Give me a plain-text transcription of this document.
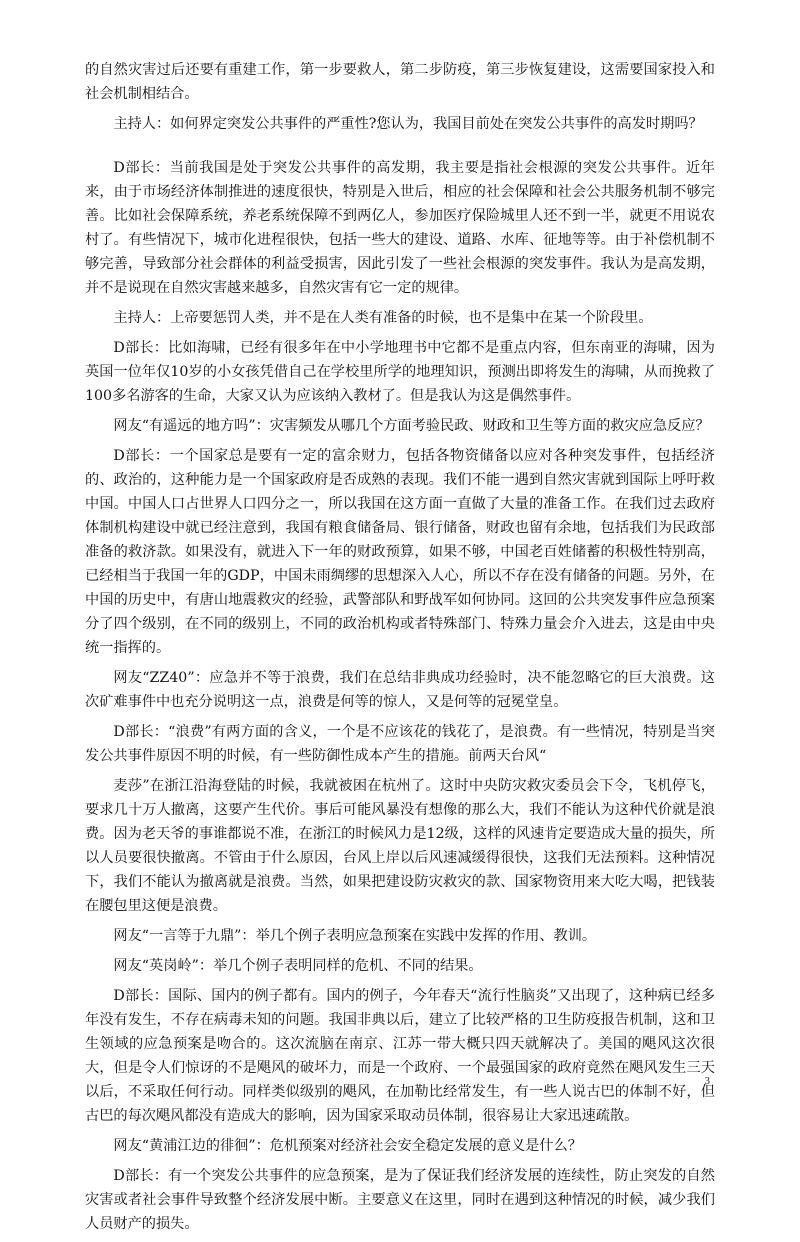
的自然灾害过后还要有重建工作，第一步要救人，第二步防疫，第三步恢复建设，这需要国家投入和社会机制相结合。

主持人：如何界定突发公共事件的严重性?您认为，我国目前处在突发公共事件的高发时期吗？

D部长：当前我国是处于突发公共事件的高发期，我主要是指社会根源的突发公共事件。近年来，由于市场经济体制推进的速度很快，特别是入世后，相应的社会保障和社会公共服务机制不够完善。比如社会保障系统，养老系统保障不到两亿人，参加医疗保险城里人还不到一半，就更不用说农村了。有些情况下，城市化进程很快，包括一些大的建设、道路、水库、征地等等。由于补偿机制不够完善，导致部分社会群体的利益受损害，因此引发了一些社会根源的突发事件。我认为是高发期，并不是说现在自然灾害越来越多，自然灾害有它一定的规律。

主持人：上帝要惩罚人类，并不是在人类有准备的时候，也不是集中在某一个阶段里。

D部长：比如海啸，已经有很多年在中小学地理书中它都不是重点内容，但东南亚的海啸，因为英国一位年仅10岁的小女孩凭借自己在学校里所学的地理知识，预测出即将发生的海啸，从而挽救了100多名游客的生命，大家又认为应该纳入教材了。但是我认为这是偶然事件。

网友“有遥远的地方吗”：灾害频发从哪几个方面考验民政、财政和卫生等方面的救灾应急反应？

D部长：一个国家总是要有一定的富余财力，包括各物资储备以应对各种突发事件，包括经济的、政治的，这种能力是一个国家政府是否成熟的表现。我们不能一遇到自然灾害就到国际上呼吁救中国。中国人口占世界人口四分之一，所以我国在这方面一直做了大量的准备工作。在我们过去政府体制机构建设中就已经注意到，我国有粮食储备局、银行储备，财政也留有余地，包括我们为民政部准备的救济款。如果没有，就进入下一年的财政预算，如果不够，中国老百姓储蓄的积极性特别高，已经相当于我国一年的GDP，中国未雨绸缪的思想深入人心，所以不存在没有储备的问题。另外，在中国的历史中，有唐山地震救灾的经验，武警部队和野战军如何协同。这回的公共突发事件应急预案分了四个级别，在不同的级别上，不同的政治机构或者特殊部门、特殊力量会介入进去，这是由中央统一指挥的。

网友“ZZ40”：应急并不等于浪费，我们在总结非典成功经验时，决不能忽略它的巨大浪费。这次矿难事件中也充分说明这一点，浪费是何等的惊人，又是何等的冠冕堂皇。

D部长：“浪费”有两方面的含义，一个是不应该花的钱花了，是浪费。有一些情况，特别是当突发公共事件原因不明的时候，有一些防御性成本产生的措施。前两天台风“

麦莎”在浙江沿海登陆的时候，我就被困在杭州了。这时中央防灾救灾委员会下令，飞机停飞，要求几十万人撤离，这要产生代价。事后可能风暴没有想像的那么大，我们不能认为这种代价就是浪费。因为老天爷的事谁都说不准，在浙江的时候风力是12级，这样的风速肯定要造成大量的损失，所以人员要很快撤离。不管由于什么原因，台风上岸以后风速减缓得很快，这我们无法预料。这种情况下，我们不能认为撤离就是浪费。当然，如果把建设防灾救灾的款、国家物资用来大吃大喝，把钱装在腰包里这便是浪费。

网友“一言等于九鼎”：举几个例子表明应急预案在实践中发挥的作用、教训。

网友“英岗岭”：举几个例子表明同样的危机、不同的结果。

D部长：国际、国内的例子都有。国内的例子，今年春天“流行性脑炎”又出现了，这种病已经多年没有发生，不存在病毒未知的问题。我国非典以后，建立了比较严格的卫生防疫报告机制，这和卫生领域的应急预案是吻合的。这次流脑在南京、江苏一带大概只四天就解决了。美国的飓风这次很大，但是令人们惊讶的不是飓风的破坏力，而是一个政府、一个最强国家的政府竟然在飓风发生三天以后，不采取任何行动。同样类似级别的飓风，在加勒比经常发生，有一些人说古巴的体制不好，但古巴的每次飓风都没有造成大的影响，因为国家采取动员体制，很容易让大家迅速疏散。

网友“黄浦江边的徘徊”：危机预案对经济社会安全稳定发展的意义是什么？

D部长：有一个突发公共事件的应急预案，是为了保证我们经济发展的连续性，防止突发的自然灾害或者社会事件导致整个经济发展中断。主要意义在这里，同时在遇到这种情况的时候，减少我们人员财产的损失。

3
